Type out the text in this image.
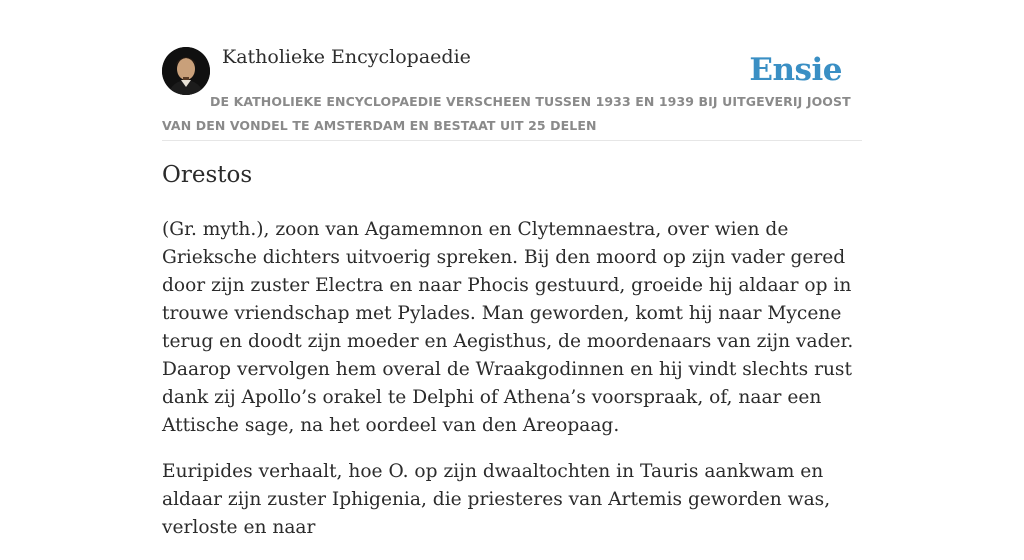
Katholieke Encyclopaedie	Ensie
DE KATHOLIEKE ENCYCLOPAEDIE VERSCHEEN TUSSEN 1933 EN 1939 BIJ UITGEVERIJ JOOST VAN DEN VONDEL TE AMSTERDAM EN BESTAAT UIT 25 DELEN
Orestos

(Gr. myth.), zoon van Agamemnon en Clytemnaestra, over wien de Grieksche dichters uitvoerig spreken. Bij den moord op zijn vader gered door zijn zuster Electra en naar Phocis gestuurd, groeide hij aldaar op in trouwe vriendschap met Pylades. Man geworden, komt hij naar Mycene terug en doodt zijn moeder en Aegisthus, de moordenaars van zijn vader. Daarop vervolgen hem overal de Wraakgodinnen en hij vindt slechts rust dank zij Apollo’s orakel te Delphi of Athena’s voorspraak, of, naar een Attische sage, na het oordeel van den Areopaag.

Euripides verhaalt, hoe O. op zijn dwaaltochten in Tauris aankwam en aldaar zijn zuster Iphigenia, die priesteres van Artemis geworden was, verloste en naar
